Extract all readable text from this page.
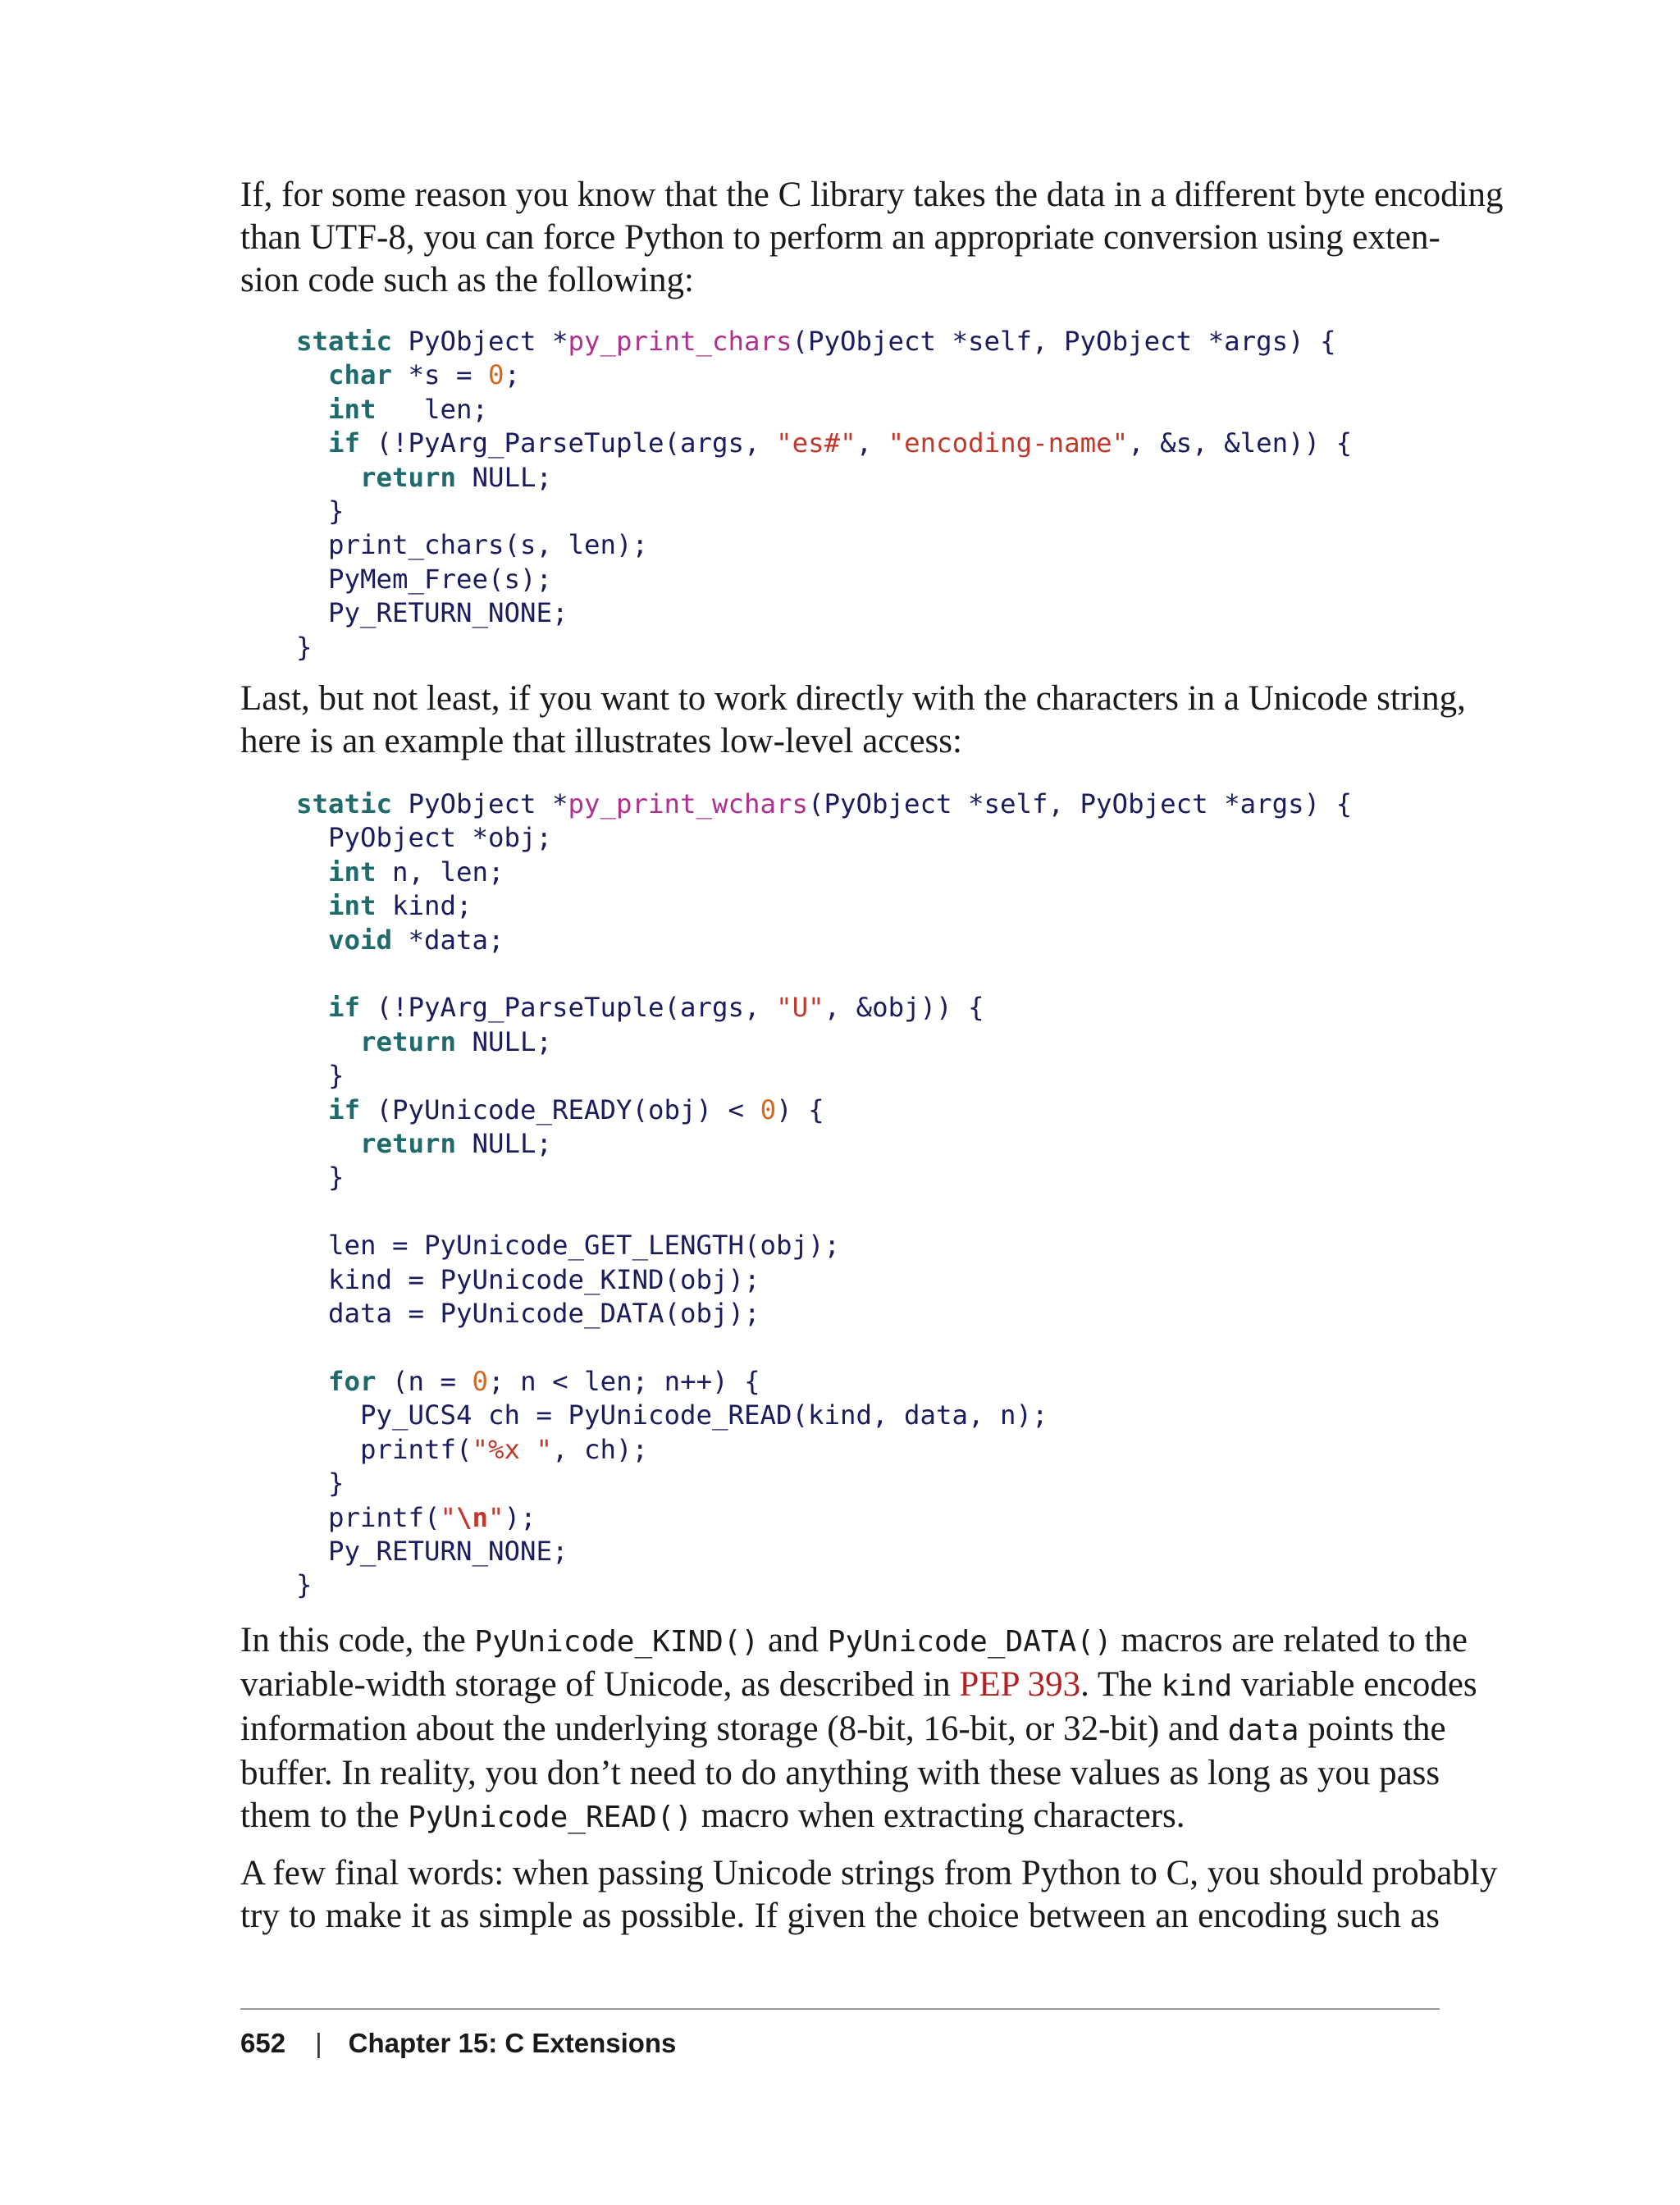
If, for some reason you know that the C library takes the data in a different byte encoding
than UTF-8, you can force Python to perform an appropriate conversion using exten-
sion code such as the following:
static PyObject *py_print_chars(PyObject *self, PyObject *args) {
char *s = 0;
int   len;
if (!PyArg_ParseTuple(args, "es#", "encoding-name", &s, &len)) {
return NULL;
}
print_chars(s, len);
PyMem_Free(s);
Py_RETURN_NONE;
}
Last, but not least, if you want to work directly with the characters in a Unicode string,
here is an example that illustrates low-level access:
static PyObject *py_print_wchars(PyObject *self, PyObject *args) {
PyObject *obj;
int n, len;
int kind;
void *data;

if (!PyArg_ParseTuple(args, "U", &obj)) {
return NULL;
}
if (PyUnicode_READY(obj) < 0) {
return NULL;
}

len = PyUnicode_GET_LENGTH(obj);
kind = PyUnicode_KIND(obj);
data = PyUnicode_DATA(obj);

for (n = 0; n < len; n++) {
Py_UCS4 ch = PyUnicode_READ(kind, data, n);
printf("%x ", ch);
}
printf("\n");
Py_RETURN_NONE;
}
In this code, the PyUnicode_KIND() and PyUnicode_DATA() macros are related to the
variable-width storage of Unicode, as described in PEP 393. The kind variable encodes
information about the underlying storage (8-bit, 16-bit, or 32-bit) and data points the
buffer. In reality, you don’t need to do anything with these values as long as you pass
them to the PyUnicode_READ() macro when extracting characters.
A few final words: when passing Unicode strings from Python to C, you should probably
try to make it as simple as possible. If given the choice between an encoding such as
652 | Chapter 15: C Extensions
